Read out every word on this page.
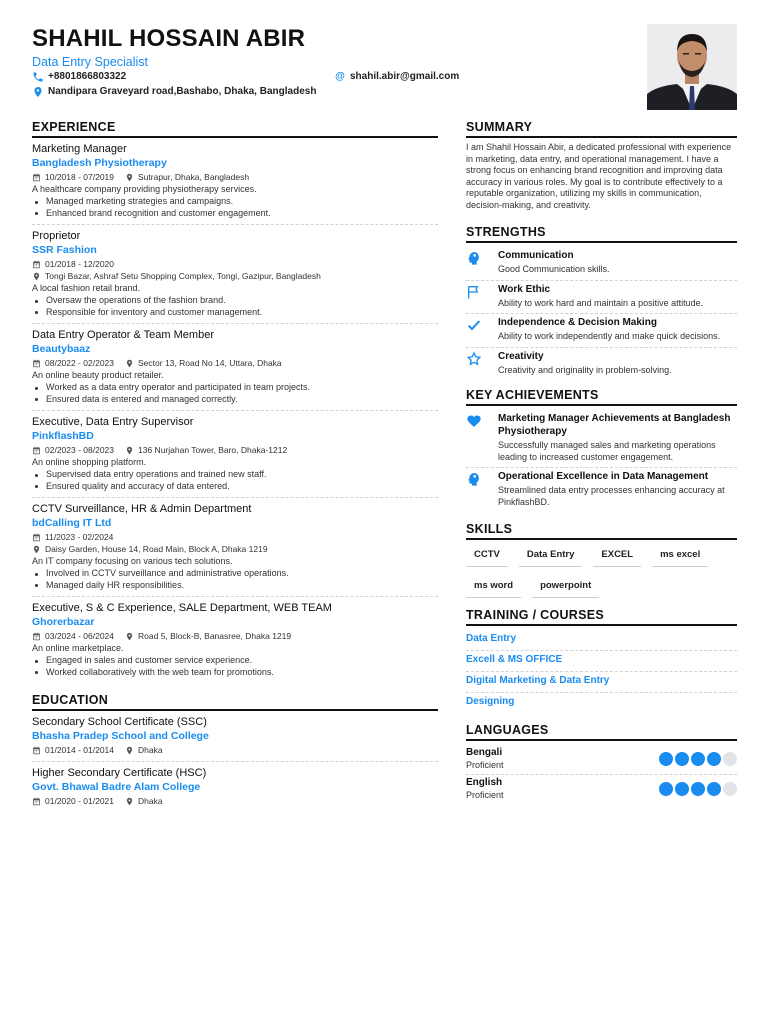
SHAHIL HOSSAIN ABIR
Data Entry Specialist
+8801866803322	@ shahil.abir@gmail.com
Nandipara Graveyard road,Bashabo, Dhaka, Bangladesh
EXPERIENCE
Marketing Manager
Bangladesh Physiotherapy
10/2018 - 07/2019	Sutrapur, Dhaka, Bangladesh
A healthcare company providing physiotherapy services.
Managed marketing strategies and campaigns.
Enhanced brand recognition and customer engagement.
Proprietor
SSR Fashion
01/2018 - 12/2020
Tongi Bazar, Ashraf Setu Shopping Complex, Tongi, Gazipur, Bangladesh
A local fashion retail brand.
Oversaw the operations of the fashion brand.
Responsible for inventory and customer management.
Data Entry Operator & Team Member
Beautybaaz
08/2022 - 02/2023	Sector 13, Road No 14, Uttara, Dhaka
An online beauty product retailer.
Worked as a data entry operator and participated in team projects.
Ensured data is entered and managed correctly.
Executive, Data Entry Supervisor
PinkflashBD
02/2023 - 08/2023	136 Nurjahan Tower, Baro, Dhaka-1212
An online shopping platform.
Supervised data entry operations and trained new staff.
Ensured quality and accuracy of data entered.
CCTV Surveillance, HR & Admin Department
bdCalling IT Ltd
11/2023 - 02/2024
Daisy Garden, House 14, Road Main, Block A, Dhaka 1219
An IT company focusing on various tech solutions.
Involved in CCTV surveillance and administrative operations.
Managed daily HR responsibilities.
Executive, S & C Experience, SALE Department, WEB TEAM
Ghorerbazar
03/2024 - 06/2024	Road 5, Block-B, Banasree, Dhaka 1219
An online marketplace.
Engaged in sales and customer service experience.
Worked collaboratively with the web team for promotions.
EDUCATION
Secondary School Certificate (SSC)
Bhasha Pradep School and College
01/2014 - 01/2014	Dhaka
Higher Secondary Certificate (HSC)
Govt. Bhawal Badre Alam College
01/2020 - 01/2021	Dhaka
SUMMARY
I am Shahil Hossain Abir, a dedicated professional with experience in marketing, data entry, and operational management. I have a strong focus on enhancing brand recognition and improving data accuracy in various roles. My goal is to contribute effectively to a reputable organization, utilizing my skills in communication, decision-making, and creativity.
STRENGTHS
Communication
Good Communication skills.
Work Ethic
Ability to work hard and maintain a positive attitude.
Independence & Decision Making
Ability to work independently and make quick decisions.
Creativity
Creativity and originality in problem-solving.
KEY ACHIEVEMENTS
Marketing Manager Achievements at Bangladesh Physiotherapy
Successfully managed sales and marketing operations leading to increased customer engagement.
Operational Excellence in Data Management
Streamlined data entry processes enhancing accuracy at PinkflashBD.
SKILLS
CCTV	Data Entry	EXCEL	ms excel
ms word	powerpoint
TRAINING / COURSES
Data Entry
Excell & MS OFFICE
Digital Marketing & Data Entry
Designing
LANGUAGES
Bengali
Proficient
English
Proficient
